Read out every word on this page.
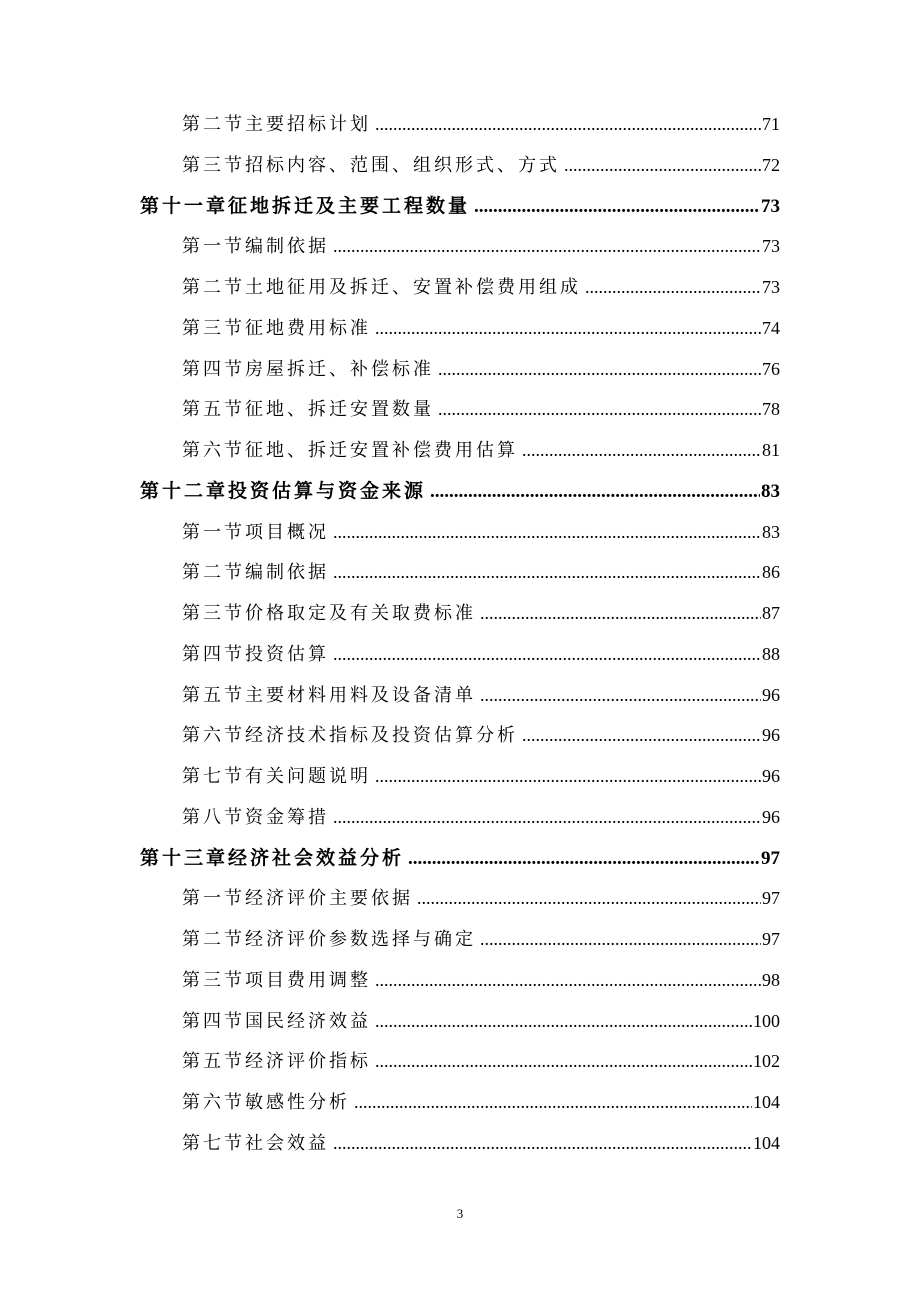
第二节 主要招标计划 .....	71
第三节 招标内容、范围、组织形式、方式 .....	72
第十一章 征地拆迁及主要工程数量 .....	73
第一节 编制依据 .....	73
第二节 土地征用及拆迁、安置补偿费用组成 .....	73
第三节 征地费用标准 .....	74
第四节 房屋拆迁、补偿标准 .....	76
第五节 征地、拆迁安置数量 .....	78
第六节 征地、拆迁安置补偿费用估算 .....	81
第十二章 投资估算与资金来源 .....	83
第一节 项目概况 .....	83
第二节 编制依据 .....	86
第三节 价格取定及有关取费标准 .....	87
第四节 投资估算 .....	88
第五节 主要材料用料及设备清单 .....	96
第六节 经济技术指标及投资估算分析 .....	96
第七节 有关问题说明 .....	96
第八节 资金筹措 .....	96
第十三章 经济社会效益分析 .....	97
第一节 经济评价主要依据 .....	97
第二节 经济评价参数选择与确定 .....	97
第三节 项目费用调整 .....	98
第四节 国民经济效益 .....	100
第五节 经济评价指标 .....	102
第六节 敏感性分析 .....	104
第七节 社会效益 .....	104
3
